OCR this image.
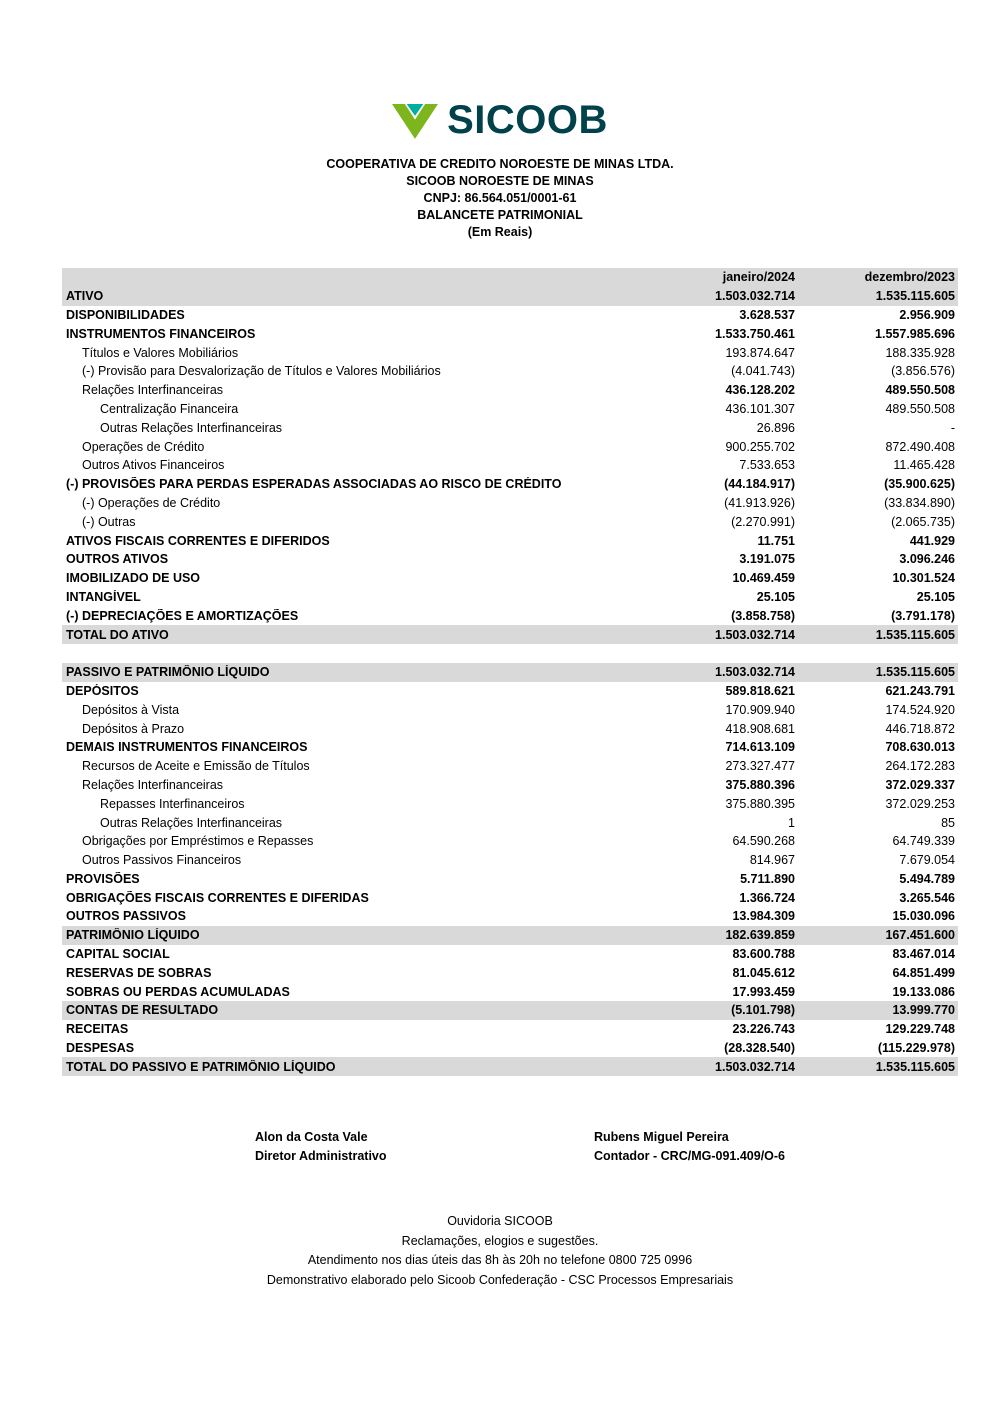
SICOOB
COOPERATIVA DE CREDITO NOROESTE DE MINAS LTDA.
SICOOB NOROESTE DE MINAS
CNPJ: 86.564.051/0001-61
BALANCETE PATRIMONIAL
(Em Reais)
janeiro/2024	dezembro/2023
ATIVO	1.503.032.714	1.535.115.605
DISPONIBILIDADES	3.628.537	2.956.909
INSTRUMENTOS FINANCEIROS	1.533.750.461	1.557.985.696
Títulos e Valores Mobiliários	193.874.647	188.335.928
(-) Provisão para Desvalorização de Títulos e Valores Mobiliários	(4.041.743)	(3.856.576)
Relações Interfinanceiras	436.128.202	489.550.508
Centralização Financeira	436.101.307	489.550.508
Outras Relações Interfinanceiras	26.896	-
Operações de Crédito	900.255.702	872.490.408
Outros Ativos Financeiros	7.533.653	11.465.428
(-) PROVISÕES PARA PERDAS ESPERADAS ASSOCIADAS AO RISCO DE CRÉDITO	(44.184.917)	(35.900.625)
(-) Operações de Crédito	(41.913.926)	(33.834.890)
(-) Outras	(2.270.991)	(2.065.735)
ATIVOS FISCAIS CORRENTES E DIFERIDOS	11.751	441.929
OUTROS ATIVOS	3.191.075	3.096.246
IMOBILIZADO DE USO	10.469.459	10.301.524
INTANGÍVEL	25.105	25.105
(-) DEPRECIAÇÕES E AMORTIZAÇÕES	(3.858.758)	(3.791.178)
TOTAL DO ATIVO	1.503.032.714	1.535.115.605
PASSIVO E PATRIMÔNIO LÍQUIDO	1.503.032.714	1.535.115.605
DEPÓSITOS	589.818.621	621.243.791
Depósitos à Vista	170.909.940	174.524.920
Depósitos à Prazo	418.908.681	446.718.872
DEMAIS INSTRUMENTOS FINANCEIROS	714.613.109	708.630.013
Recursos de Aceite e Emissão de Títulos	273.327.477	264.172.283
Relações Interfinanceiras	375.880.396	372.029.337
Repasses Interfinanceiros	375.880.395	372.029.253
Outras Relações Interfinanceiras	1	85
Obrigações por Empréstimos e Repasses	64.590.268	64.749.339
Outros Passivos Financeiros	814.967	7.679.054
PROVISÕES	5.711.890	5.494.789
OBRIGAÇÕES FISCAIS CORRENTES E DIFERIDAS	1.366.724	3.265.546
OUTROS PASSIVOS	13.984.309	15.030.096
PATRIMÔNIO LÍQUIDO	182.639.859	167.451.600
CAPITAL SOCIAL	83.600.788	83.467.014
RESERVAS DE SOBRAS	81.045.612	64.851.499
SOBRAS OU PERDAS ACUMULADAS	17.993.459	19.133.086
CONTAS DE RESULTADO	(5.101.798)	13.999.770
RECEITAS	23.226.743	129.229.748
DESPESAS	(28.328.540)	(115.229.978)
TOTAL DO PASSIVO E PATRIMÔNIO LÍQUIDO	1.503.032.714	1.535.115.605
Alon da Costa Vale
Diretor Administrativo
Rubens Miguel Pereira
Contador - CRC/MG-091.409/O-6
Ouvidoria SICOOB
Reclamações, elogios e sugestões.
Atendimento nos dias úteis das 8h às 20h no telefone 0800 725 0996
Demonstrativo elaborado pelo Sicoob Confederação - CSC Processos Empresariais
